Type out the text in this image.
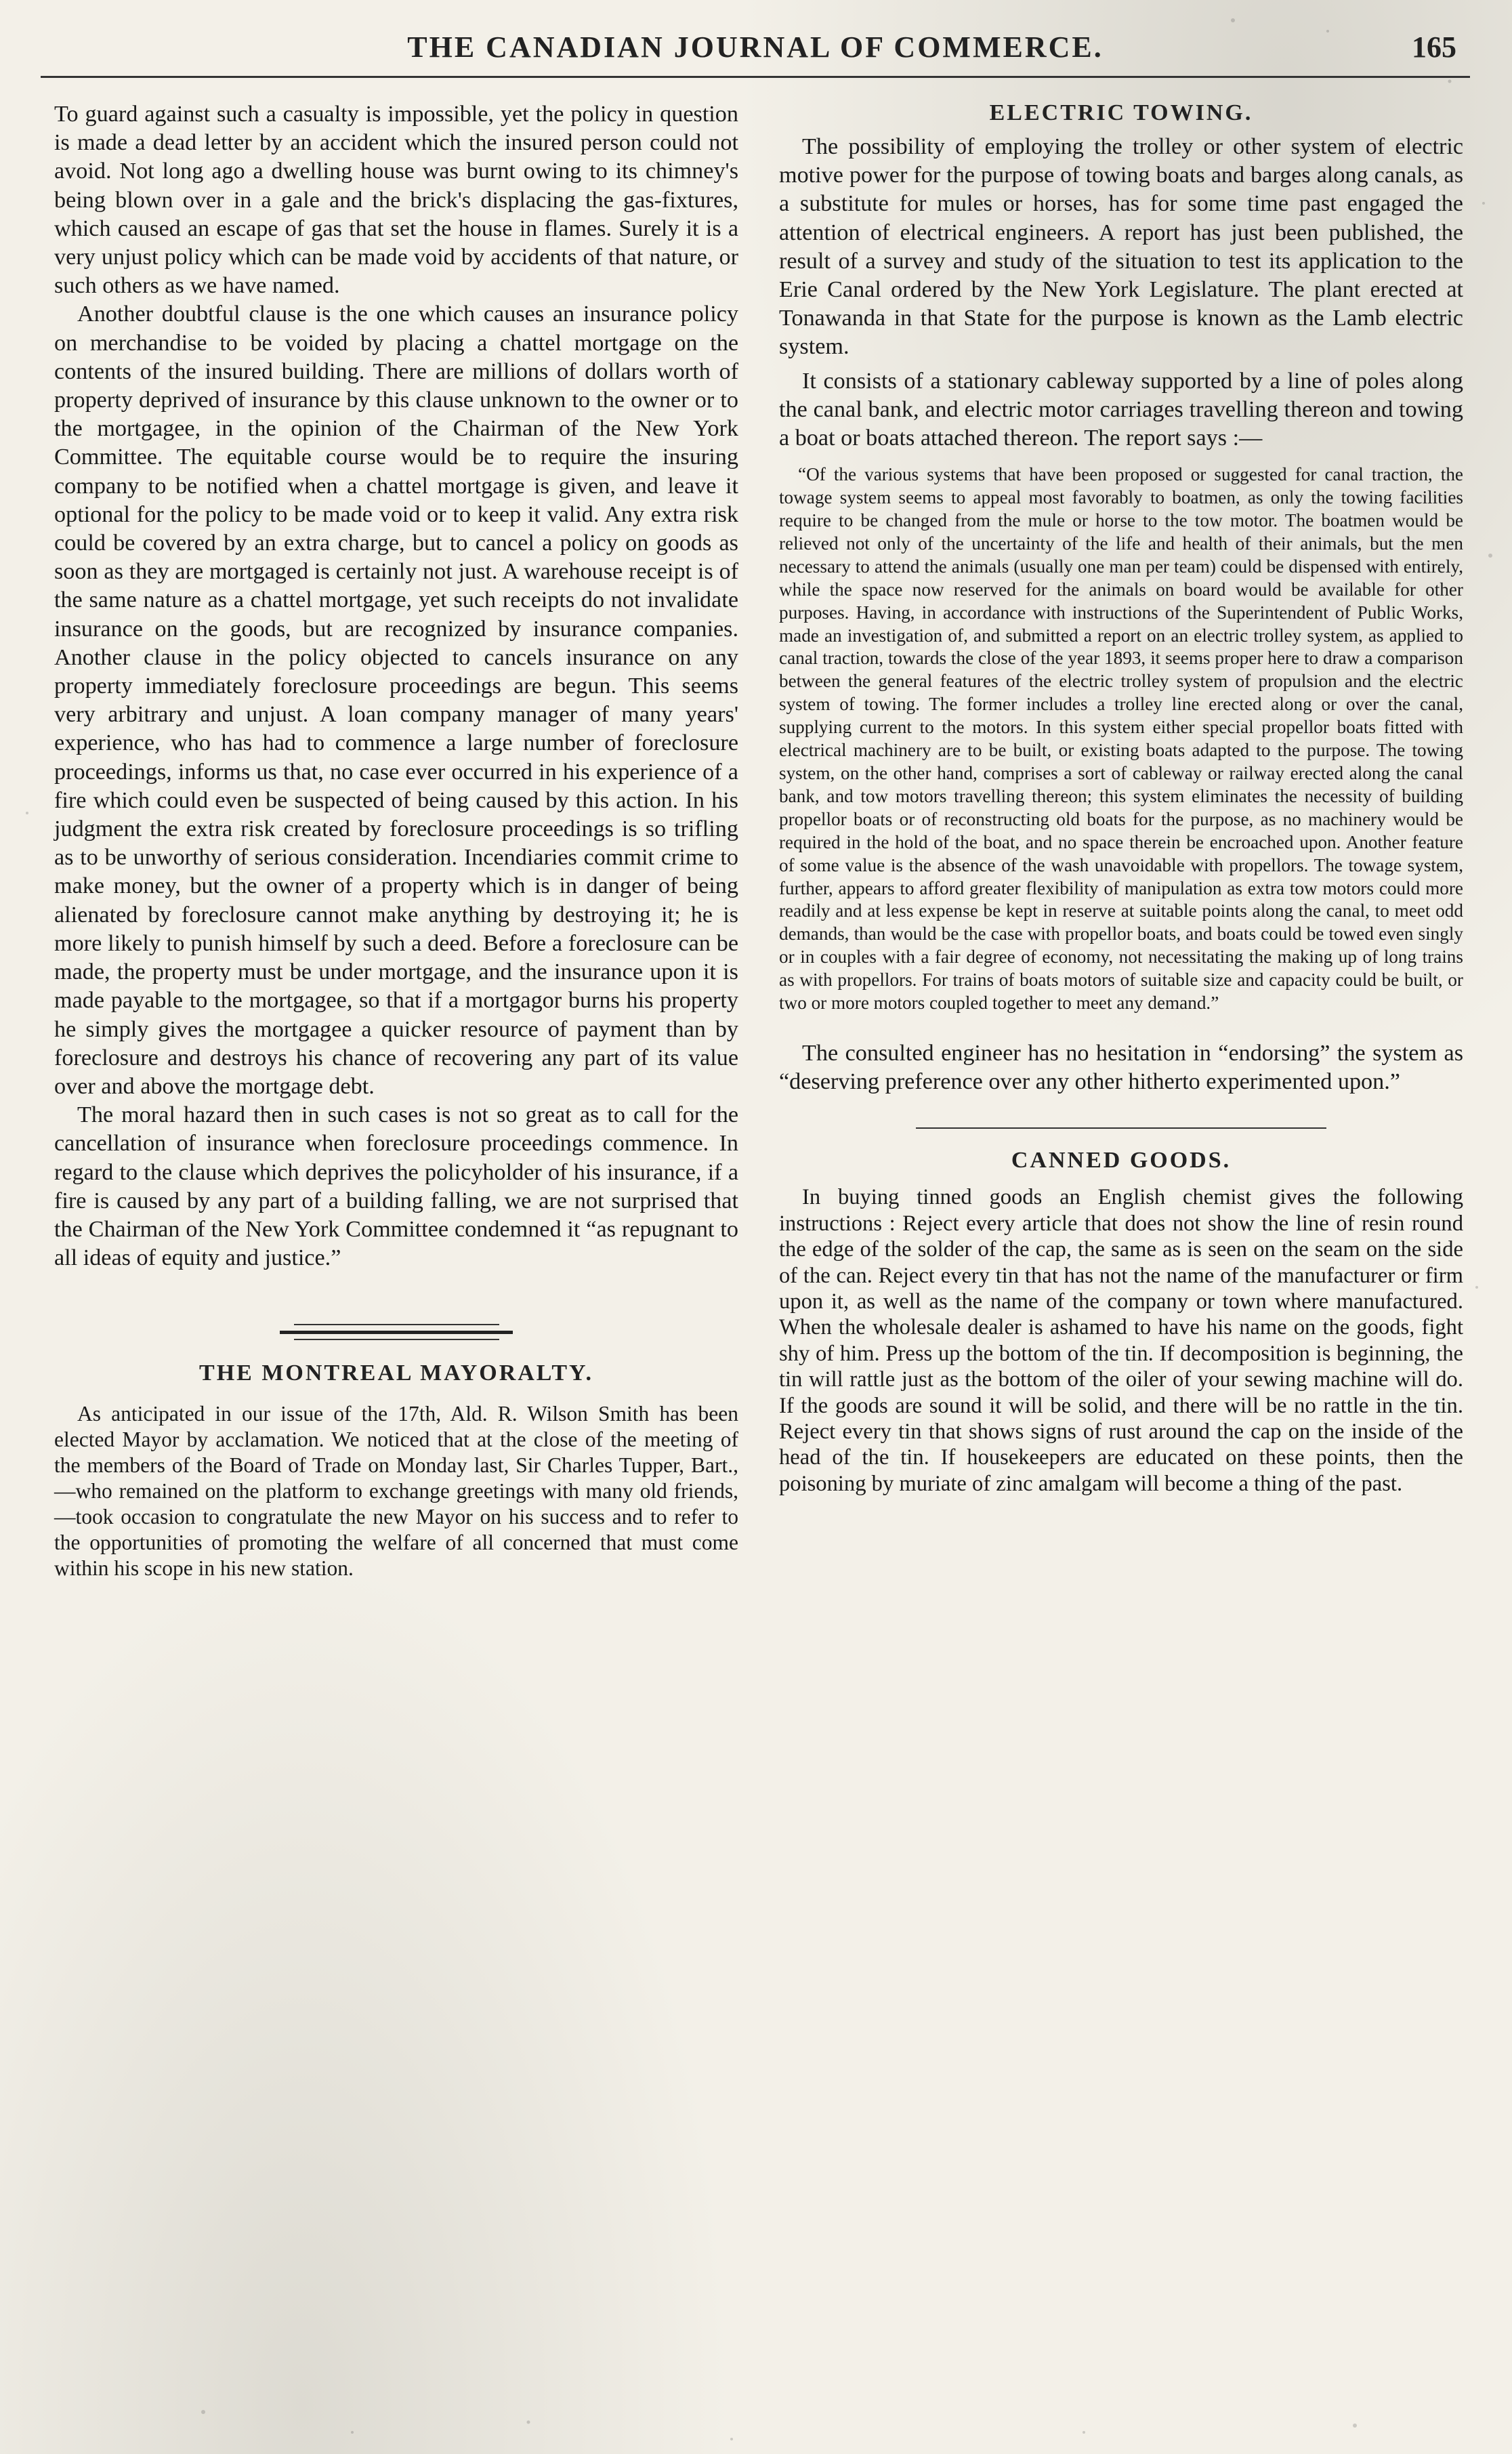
THE CANADIAN JOURNAL OF COMMERCE.	165

To guard against such a casualty is impossible, yet the policy in question is made a dead letter by an accident which the insured person could not avoid. Not long ago a dwelling house was burnt owing to its chimney's being blown over in a gale and the brick's displacing the gas-fixtures, which caused an escape of gas that set the house in flames. Surely it is a very unjust policy which can be made void by accidents of that nature, or such others as we have named.

Another doubtful clause is the one which causes an insurance policy on merchandise to be voided by placing a chattel mortgage on the contents of the insured building. There are millions of dollars worth of property deprived of insurance by this clause unknown to the owner or to the mortgagee, in the opinion of the Chairman of the New York Committee. The equitable course would be to require the insuring company to be notified when a chattel mortgage is given, and leave it optional for the policy to be made void or to keep it valid. Any extra risk could be covered by an extra charge, but to cancel a policy on goods as soon as they are mortgaged is certainly not just. A warehouse receipt is of the same nature as a chattel mortgage, yet such receipts do not invalidate insurance on the goods, but are recognized by insurance companies. Another clause in the policy objected to cancels insurance on any property immediately foreclosure proceedings are begun. This seems very arbitrary and unjust. A loan company manager of many years' experience, who has had to commence a large number of foreclosure proceedings, informs us that, no case ever occurred in his experience of a fire which could even be suspected of being caused by this action. In his judgment the extra risk created by foreclosure proceedings is so trifling as to be unworthy of serious consideration. Incendiaries commit crime to make money, but the owner of a property which is in danger of being alienated by foreclosure cannot make anything by destroying it; he is more likely to punish himself by such a deed. Before a foreclosure can be made, the property must be under mortgage, and the insurance upon it is made payable to the mortgagee, so that if a mortgagor burns his property he simply gives the mortgagee a quicker resource of payment than by foreclosure and destroys his chance of recovering any part of its value over and above the mortgage debt.

The moral hazard then in such cases is not so great as to call for the cancellation of insurance when foreclosure proceedings commence. In regard to the clause which deprives the policyholder of his insurance, if a fire is caused by any part of a building falling, we are not surprised that the Chairman of the New York Committee condemned it “as repugnant to all ideas of equity and justice.”

THE MONTREAL MAYORALTY.

As anticipated in our issue of the 17th, Ald. R. Wilson Smith has been elected Mayor by acclamation. We noticed that at the close of the meeting of the members of the Board of Trade on Monday last, Sir Charles Tupper, Bart.,—who remained on the platform to exchange greetings with many old friends,—took occasion to congratulate the new Mayor on his success and to refer to the opportunities of promoting the welfare of all concerned that must come within his scope in his new station.

ELECTRIC TOWING.

The possibility of employing the trolley or other system of electric motive power for the purpose of towing boats and barges along canals, as a substitute for mules or horses, has for some time past engaged the attention of electrical engineers. A report has just been published, the result of a survey and study of the situation to test its application to the Erie Canal ordered by the New York Legislature. The plant erected at Tonawanda in that State for the purpose is known as the Lamb electric system.

It consists of a stationary cableway supported by a line of poles along the canal bank, and electric motor carriages travelling thereon and towing a boat or boats attached thereon. The report says :—

“Of the various systems that have been proposed or suggested for canal traction, the towage system seems to appeal most favorably to boatmen, as only the towing facilities require to be changed from the mule or horse to the tow motor. The boatmen would be relieved not only of the uncertainty of the life and health of their animals, but the men necessary to attend the animals (usually one man per team) could be dispensed with entirely, while the space now reserved for the animals on board would be available for other purposes. Having, in accordance with instructions of the Superintendent of Public Works, made an investigation of, and submitted a report on an electric trolley system, as applied to canal traction, towards the close of the year 1893, it seems proper here to draw a comparison between the general features of the electric trolley system of propulsion and the electric system of towing. The former includes a trolley line erected along or over the canal, supplying current to the motors. In this system either special propellor boats fitted with electrical machinery are to be built, or existing boats adapted to the purpose. The towing system, on the other hand, comprises a sort of cableway or railway erected along the canal bank, and tow motors travelling thereon; this system eliminates the necessity of building propellor boats or of reconstructing old boats for the purpose, as no machinery would be required in the hold of the boat, and no space therein be encroached upon. Another feature of some value is the absence of the wash unavoidable with propellors. The towage system, further, appears to afford greater flexibility of manipulation as extra tow motors could more readily and at less expense be kept in reserve at suitable points along the canal, to meet odd demands, than would be the case with propellor boats, and boats could be towed even singly or in couples with a fair degree of economy, not necessitating the making up of long trains as with propellors. For trains of boats motors of suitable size and capacity could be built, or two or more motors coupled together to meet any demand.”

The consulted engineer has no hesitation in “endorsing” the system as “deserving preference over any other hitherto experimented upon.”

CANNED GOODS.

In buying tinned goods an English chemist gives the following instructions : Reject every article that does not show the line of resin round the edge of the solder of the cap, the same as is seen on the seam on the side of the can. Reject every tin that has not the name of the manufacturer or firm upon it, as well as the name of the company or town where manufactured. When the wholesale dealer is ashamed to have his name on the goods, fight shy of him. Press up the bottom of the tin. If decomposition is beginning, the tin will rattle just as the bottom of the oiler of your sewing machine will do. If the goods are sound it will be solid, and there will be no rattle in the tin. Reject every tin that shows signs of rust around the cap on the inside of the head of the tin. If housekeepers are educated on these points, then the poisoning by muriate of zinc amalgam will become a thing of the past.
